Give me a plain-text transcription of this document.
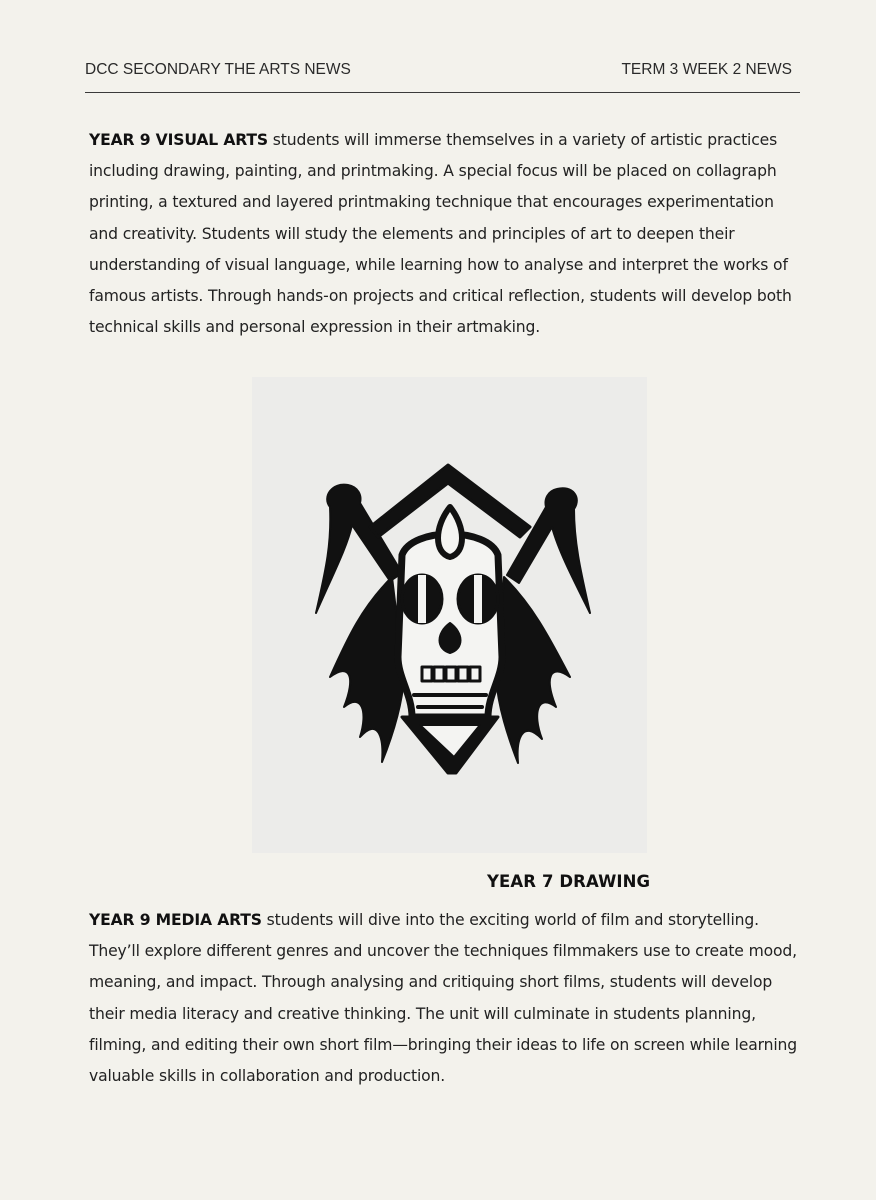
DCC SECONDARY THE ARTS NEWS	TERM 3 WEEK 2 NEWS
YEAR 9 VISUAL ARTS students will immerse themselves in a variety of artistic practices including drawing, painting, and printmaking. A special focus will be placed on collagraph printing, a textured and layered printmaking technique that encourages experimentation and creativity. Students will study the elements and principles of art to deepen their understanding of visual language, while learning how to analyse and interpret the works of famous artists. Through hands-on projects and critical reflection, students will develop both technical skills and personal expression in their artmaking.
YEAR 7 DRAWING
YEAR 9 MEDIA ARTS students will dive into the exciting world of film and storytelling. They’ll explore different genres and uncover the techniques filmmakers use to create mood, meaning, and impact. Through analysing and critiquing short films, students will develop their media literacy and creative thinking. The unit will culminate in students planning, filming, and editing their own short film—bringing their ideas to life on screen while learning valuable skills in collaboration and production.
